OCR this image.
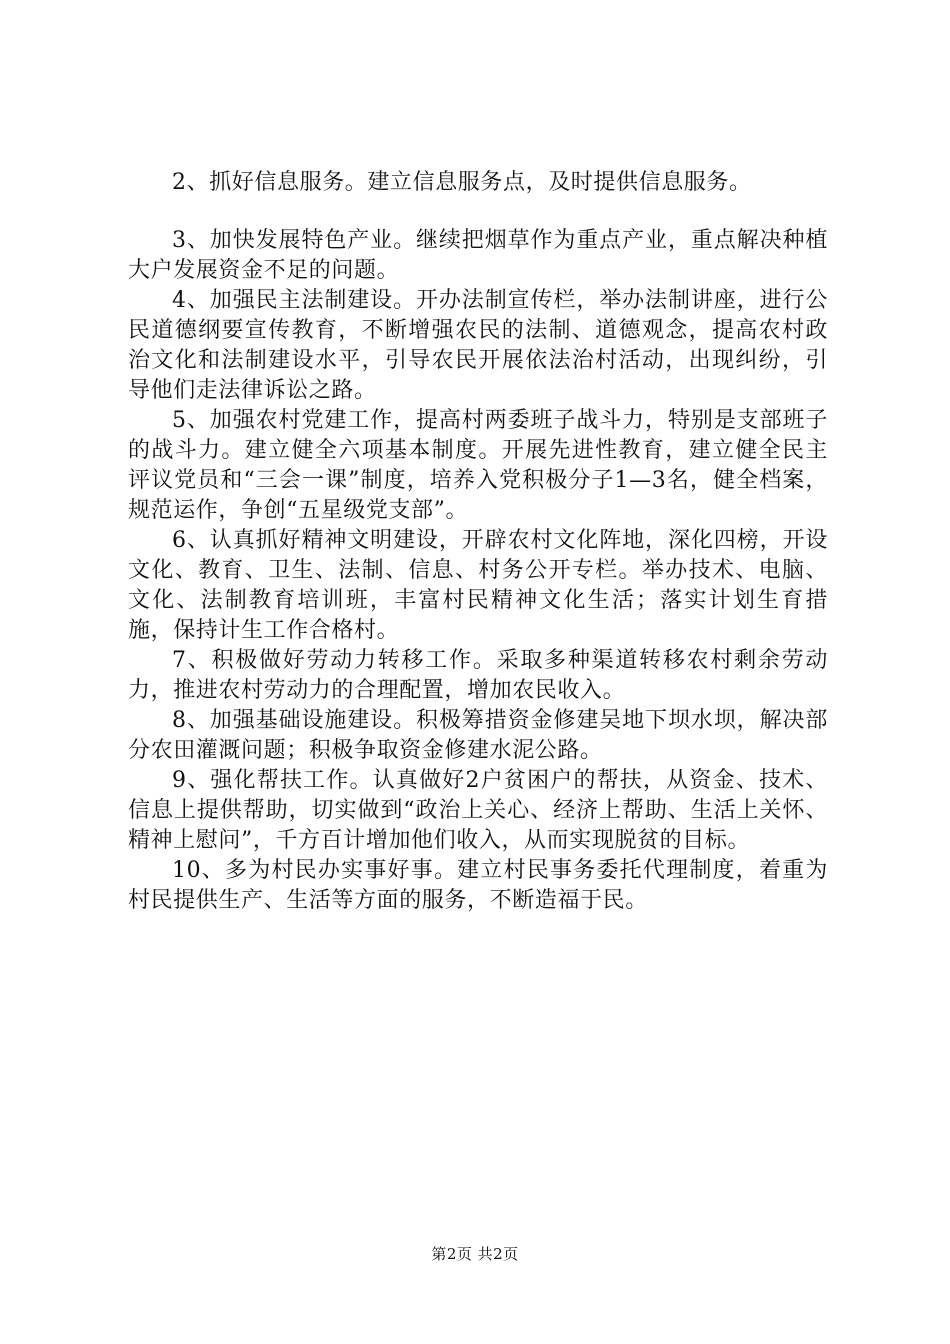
2、抓好信息服务。建立信息服务点，及时提供信息服务。

3、加快发展特色产业。继续把烟草作为重点产业，重点解决种植大户发展资金不足的问题。

4、加强民主法制建设。开办法制宣传栏，举办法制讲座，进行公民道德纲要宣传教育，不断增强农民的法制、道德观念，提高农村政治文化和法制建设水平，引导农民开展依法治村活动，出现纠纷，引导他们走法律诉讼之路。

5、加强农村党建工作，提高村两委班子战斗力，特别是支部班子的战斗力。建立健全六项基本制度。开展先进性教育，建立健全民主评议党员和“三会一课”制度，培养入党积极分子1—3名，健全档案，规范运作，争创“五星级党支部”。

6、认真抓好精神文明建设，开辟农村文化阵地，深化四榜，开设文化、教育、卫生、法制、信息、村务公开专栏。举办技术、电脑、文化、法制教育培训班，丰富村民精神文化生活；落实计划生育措施，保持计生工作合格村。

7、积极做好劳动力转移工作。采取多种渠道转移农村剩余劳动力，推进农村劳动力的合理配置，增加农民收入。

8、加强基础设施建设。积极筹措资金修建吴地下坝水坝，解决部分农田灌溉问题；积极争取资金修建水泥公路。

9、强化帮扶工作。认真做好2户贫困户的帮扶，从资金、技术、信息上提供帮助，切实做到“政治上关心、经济上帮助、生活上关怀、精神上慰问”，千方百计增加他们收入，从而实现脱贫的目标。

10、多为村民办实事好事。建立村民事务委托代理制度，着重为村民提供生产、生活等方面的服务，不断造福于民。

第2页 共2页
